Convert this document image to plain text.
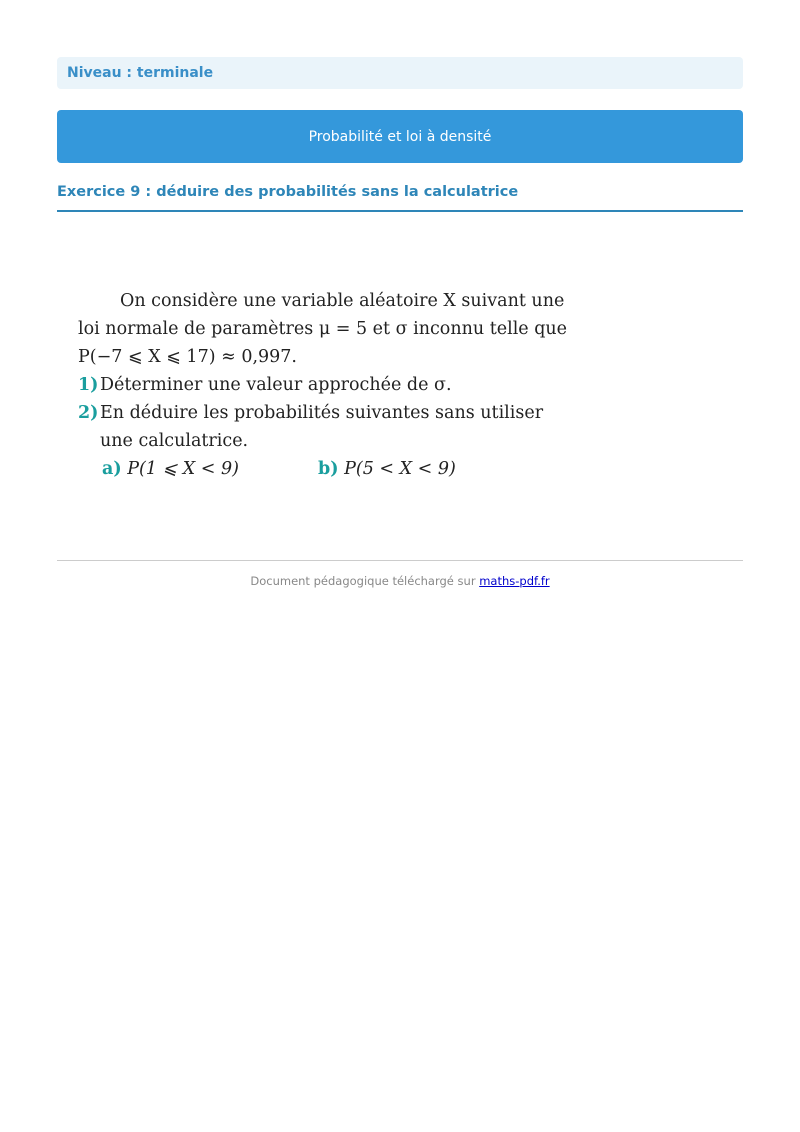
Niveau : terminale
Probabilité et loi à densité
Exercice 9 : déduire des probabilités sans la calculatrice
On considère une variable aléatoire X suivant une
loi normale de paramètres μ = 5 et σ inconnu telle que
P(−7 ⩽ X ⩽ 17) ≈ 0,997.
1)Déterminer une valeur approchée de σ.
2)En déduire les probabilités suivantes sans utiliser
une calculatrice.
a) P(1 ⩽ X < 9)	b) P(5 < X < 9)
Document pédagogique téléchargé sur maths-pdf.fr
